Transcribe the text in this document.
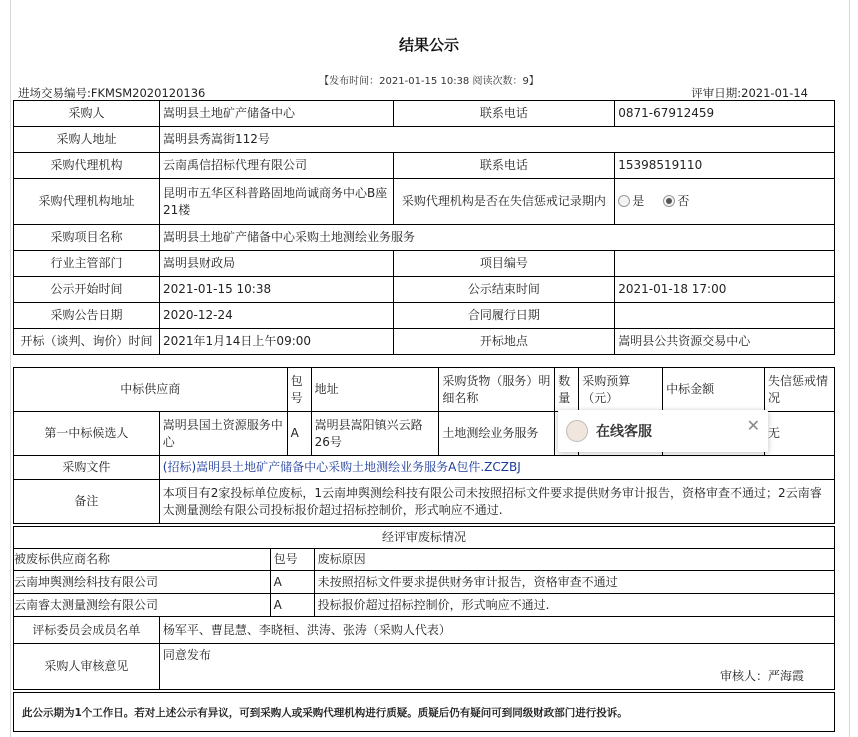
结果公示
【发布时间：2021-01-15 10:38 阅读次数：9】
进场交易编号:FKMSM2020120136	评审日期:2021-01-14
采购人	嵩明县土地矿产储备中心	联系电话	0871-67912459
采购人地址	嵩明县秀嵩街112号		
采购代理机构	云南禹信招标代理有限公司	联系电话	15398519110
采购代理机构地址	昆明市五华区科普路固地尚诚商务中心B座21楼	采购代理机构是否在失信惩戒记录期内	是 否
采购项目名称	嵩明县土地矿产储备中心采购土地测绘业务服务		
行业主管部门	嵩明县财政局	项目编号	
公示开始时间	2021-01-15 10:38	公示结束时间	2021-01-18 17:00
采购公告日期	2020-12-24	合同履行日期	
开标（谈判、询价）时间	2021年1月14日上午09:00	开标地点	嵩明县公共资源交易中心
中标供应商		包号	地址	采购货物（服务）明细名称	数量	采购预算（元）	中标金额	失信惩戒情况
第一中标候选人	嵩明县国土资源服务中心	A	嵩明县嵩阳镇兴云路26号	土地测绘业务服务				无
采购文件	(招标)嵩明县土地矿产储备中心采购土地测绘业务服务A包件.ZCZBJ							
备注	本项目有2家投标单位废标，1云南坤舆测绘科技有限公司未按照招标文件要求提供财务审计报告，资格审查不通过；2云南睿太测量测绘有限公司投标报价超过招标控制价，形式响应不通过.							
经评审废标情况			
被废标供应商名称		包号	废标原因
云南坤舆测绘科技有限公司		A	未按照招标文件要求提供财务审计报告，资格审查不通过
云南睿太测量测绘有限公司		A	投标报价超过招标控制价，形式响应不通过.
评标委员会成员名单	杨军平、曹昆慧、李晓桓、洪涛、张涛（采购人代表）		
采购人审核意见	同意发布
审核人：严海霞		
此公示期为1个工作日。若对上述公示有异议，可到采购人或采购代理机构进行质疑。质疑后仍有疑问可到同级财政部门进行投诉。
在线客服	✕
